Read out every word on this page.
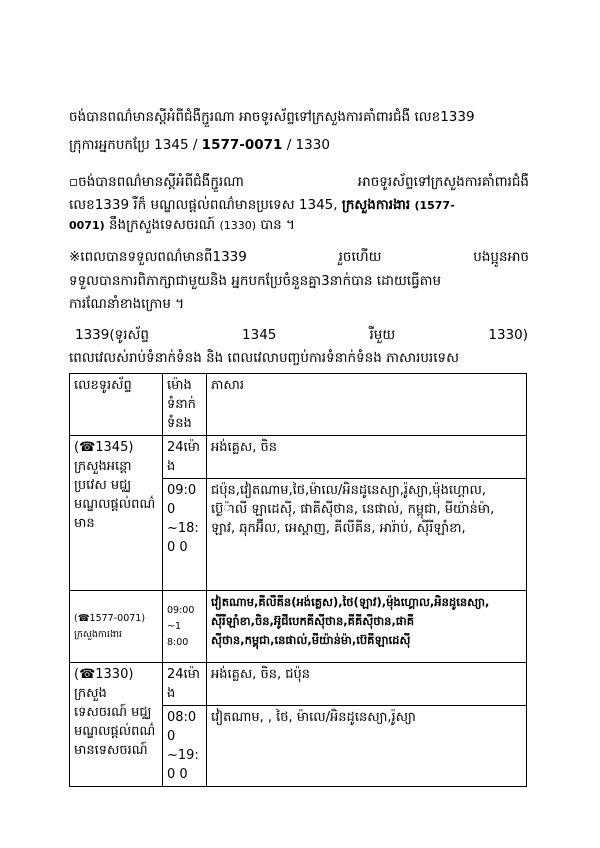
ចង់បានពណ៌មានស្ដីអំពីជំងឺក្ជួរណា អាចទូរស័ព្ទទៅក្រសួងការគាំពារជំងឺ លេខ1339
ក្រុការអ្នកបកប្រែ 1345 / 1577-0071 / 1330
▫ចង់បានពណ៌មានស្ដីអំពីជំងឺក្ជួរណា	អាចទូរស័ព្ទទៅក្រសួងការគាំពារជំងឺ
លេខ1339 រឺក៏ មណ្ឌលផ្តល់ពណ៌មានប្រទេស 1345, ក្រសួងការងារ (1577-
0071) នឹងក្រសួងទេសចរណ៍ (1330) បាន ។
※ពេលបានទទួលពណ៌មានពី1339	រួចហើយ	បងប្អូនអាច
ទទួលបានការពិភាក្សាជាមួយនិង អ្នកបកប្រែចំនួនគ្នា3នាក់បាន ដោយធ្វើតាម
ការណែនាំខាងក្រោម ។
1339(ទូរស័ព្ទ	1345	រឺមួយ	1330)
ពេលវេលស់រាប់ទំនាក់ទំនង និង ពេលវេលាបញ្ចប់ការទំនាក់ទំនង ភាសារបរទេស
លេខទូរស័ព្ទ	ម៉ោង ទំនាក់ ទំនង	ភាសារ
(☎1345) ក្រសួងអន្តោប្រវេស មជ្ឈមណ្ឌលផ្ដល់ពណ៌មាន	24ម៉ោ ង	អង់គ្លេស, ចិន
	09:00 ~18:0 0	ជប៉ុន,វៀតណាម,ថៃ,ម៉ាលេ/អិនដូនេស្យា,រ៉ូស្យា,ម៉ុងហ្គោល, ប៊េ្ង៉ាលី ឡាដេស៊ី, ផាគីស៊ីថាន, នេផាល់, កម្ពុជា, មីយ៉ាន់ម៉ា, ឡាវ, ឆុកអ៊ីល, អេស្ដាញ, គីលីគីន, អារ៉ាប់, ស៊ីរីឡាំខា,
(☎1577-0071) ក្រសួងការងារ	09:00~1 8:00	វៀតណាម,គីលីគីន(អង់គ្លេស),ថៃ(ឡាវ),ម៉ុងហ្គោល,អិនដូនេស្យា, ស៊ីរីឡាំខា,ចិន,អ៊ូជីបេកគីស៊ីថាន,គីគីស៊ីថាន,ផាគីស៊ីថាន,កម្ពុជា,នេផាល់,មីយ៉ាន់ម៉ា,ប៊េគីឡាដេស៊ី
(☎1330) ក្រសួងទេសចរណ៍ មជ្ឈមណ្ឌលផ្ដល់ពណ៌មានទេសចរណ៍	24ម៉ោ ង	អង់គ្លេស, ចិន, ជប៉ុន
	08:00 ~19:0 0	វៀតណាម, , ថៃ, ម៉ាលេ/អិនដូនេស្យា,រ៉ូស្យា
